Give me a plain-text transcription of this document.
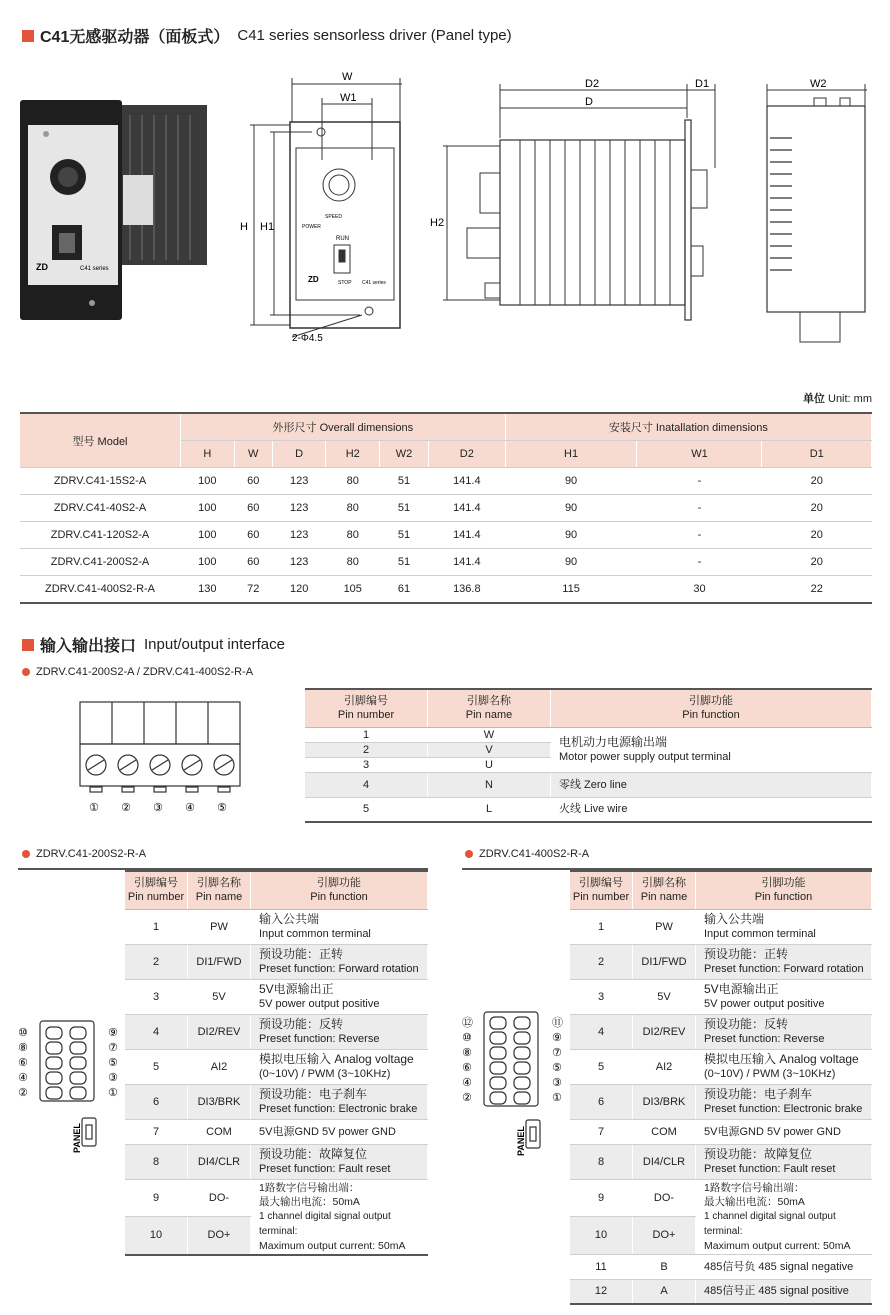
C41无感驱动器（面板式） C41 series sensorless driver (Panel type)
C41 series
ZD
W
W1
H H1
2-Φ4.5
SPEED
POWER
RUN
STOP C41 series
ZD
D2	D1
D
H2
W2
单位 Unit: mm
型号 Model	外形尺寸 Overall dimensions						安装尺寸 Inatallation dimensions		
	H	W	D	H2	W2	D2	H1	W1	D1
ZDRV.C41-15S2-A	100	60	123	80	51	141.4	90	-	20
ZDRV.C41-40S2-A	100	60	123	80	51	141.4	90	-	20
ZDRV.C41-120S2-A	100	60	123	80	51	141.4	90	-	20
ZDRV.C41-200S2-A	100	60	123	80	51	141.4	90	-	20
ZDRV.C41-400S2-R-A	130	72	120	105	61	136.8	115	30	22
输入输出接口 Input/output interface
ZDRV.C41-200S2-A / ZDRV.C41-400S2-R-A
① ② ③ ④ ⑤
引脚编号
Pin number	引脚名称
Pin name	引脚功能
Pin function
1	W	电机动力电源输出端
Motor power supply output terminal
2	V	
3	U	
4	N	零线 Zero line
5	L	火线 Live wire
ZDRV.C41-200S2-R-A
⑩
⑧
⑥
④
②
⑨
⑦
⑤
③
①
PANEL
引脚编号
Pin number	引脚名称
Pin name	引脚功能
Pin function
1	PW	输入公共端
Input common terminal
2	DI1/FWD	预设功能：正转
Preset function: Forward rotation
3	5V	5V电源输出正
5V power output positive
4	DI2/REV	预设功能：反转
Preset function: Reverse
5	AI2	模拟电压输入 Analog voltage
(0~10V) / PWM (3~10KHz)
6	DI3/BRK	预设功能：电子刹车
Preset function: Electronic brake
7	COM	5V电源GND 5V power GND
8	DI4/CLR	预设功能：故障复位
Preset function: Fault reset
9	DO-	1路数字信号输出端：
最大输出电流：50mA
1 channel digital signal output terminal:
Maximum output current: 50mA
10	DO+	
ZDRV.C41-400S2-R-A
⑫
⑩
⑧
⑥
④
②
⑪
⑨
⑦
⑤
③
①
PANEL
引脚编号
Pin number	引脚名称
Pin name	引脚功能
Pin function
1	PW	输入公共端
Input common terminal
2	DI1/FWD	预设功能：正转
Preset function: Forward rotation
3	5V	5V电源输出正
5V power output positive
4	DI2/REV	预设功能：反转
Preset function: Reverse
5	AI2	模拟电压输入 Analog voltage
(0~10V) / PWM (3~10KHz)
6	DI3/BRK	预设功能：电子刹车
Preset function: Electronic brake
7	COM	5V电源GND 5V power GND
8	DI4/CLR	预设功能：故障复位
Preset function: Fault reset
9	DO-	1路数字信号输出端：
最大输出电流：50mA
1 channel digital signal output terminal:
Maximum output current: 50mA
10	DO+	
11	B	485信号负 485 signal negative
12	A	485信号正 485 signal positive
